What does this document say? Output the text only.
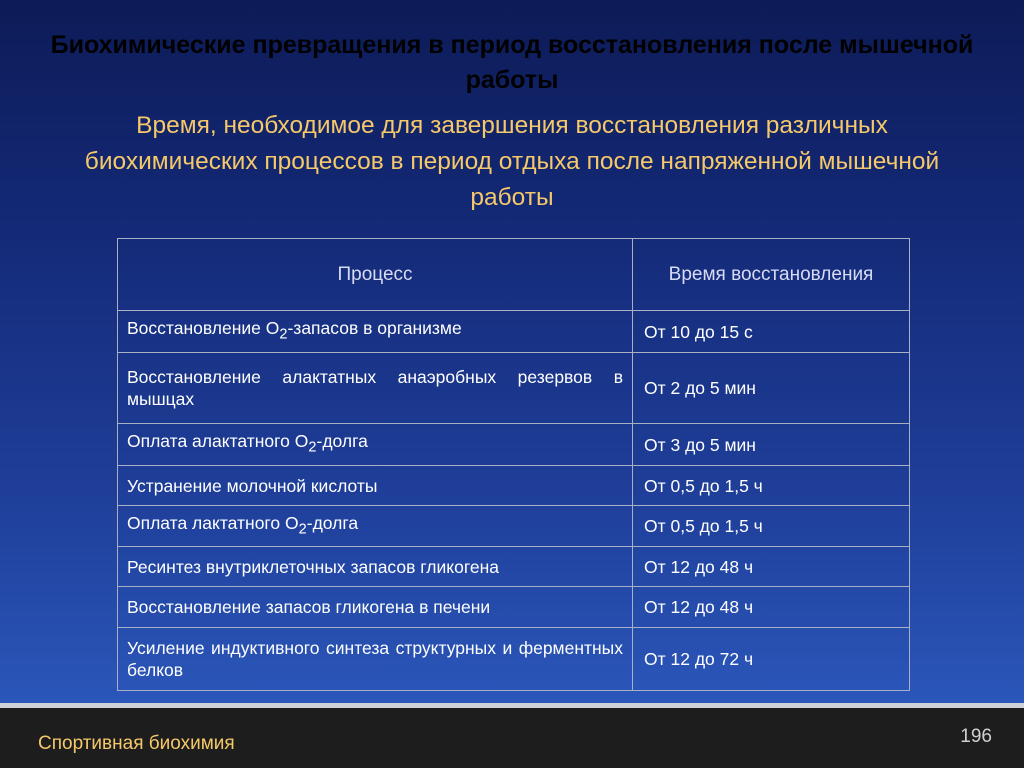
Биохимические превращения в период восстановления после мышечной работы
Время, необходимое для завершения восстановления различных биохимических процессов в период отдыха после напряженной мышечной работы
Процесс	Время восстановления
Восстановление $О_2$-запасов в организме	От 10 до 15 с
Восстановление алактатных анаэробных резервов в мышцах	От 2 до 5 мин
Оплата алактатного $О_2$-долга	От 3 до 5 мин
Устранение молочной кислоты	От 0,5 до 1,5 ч
Оплата лактатного $О_2$-долга	От 0,5 до 1,5 ч
Ресинтез внутриклеточных запасов гликогена	От 12 до 48 ч
Восстановление запасов гликогена в печени	От 12 до 48 ч
Усиление индуктивного синтеза структурных и ферментных белков	От 12 до 72 ч
Спортивная биохимия	196
